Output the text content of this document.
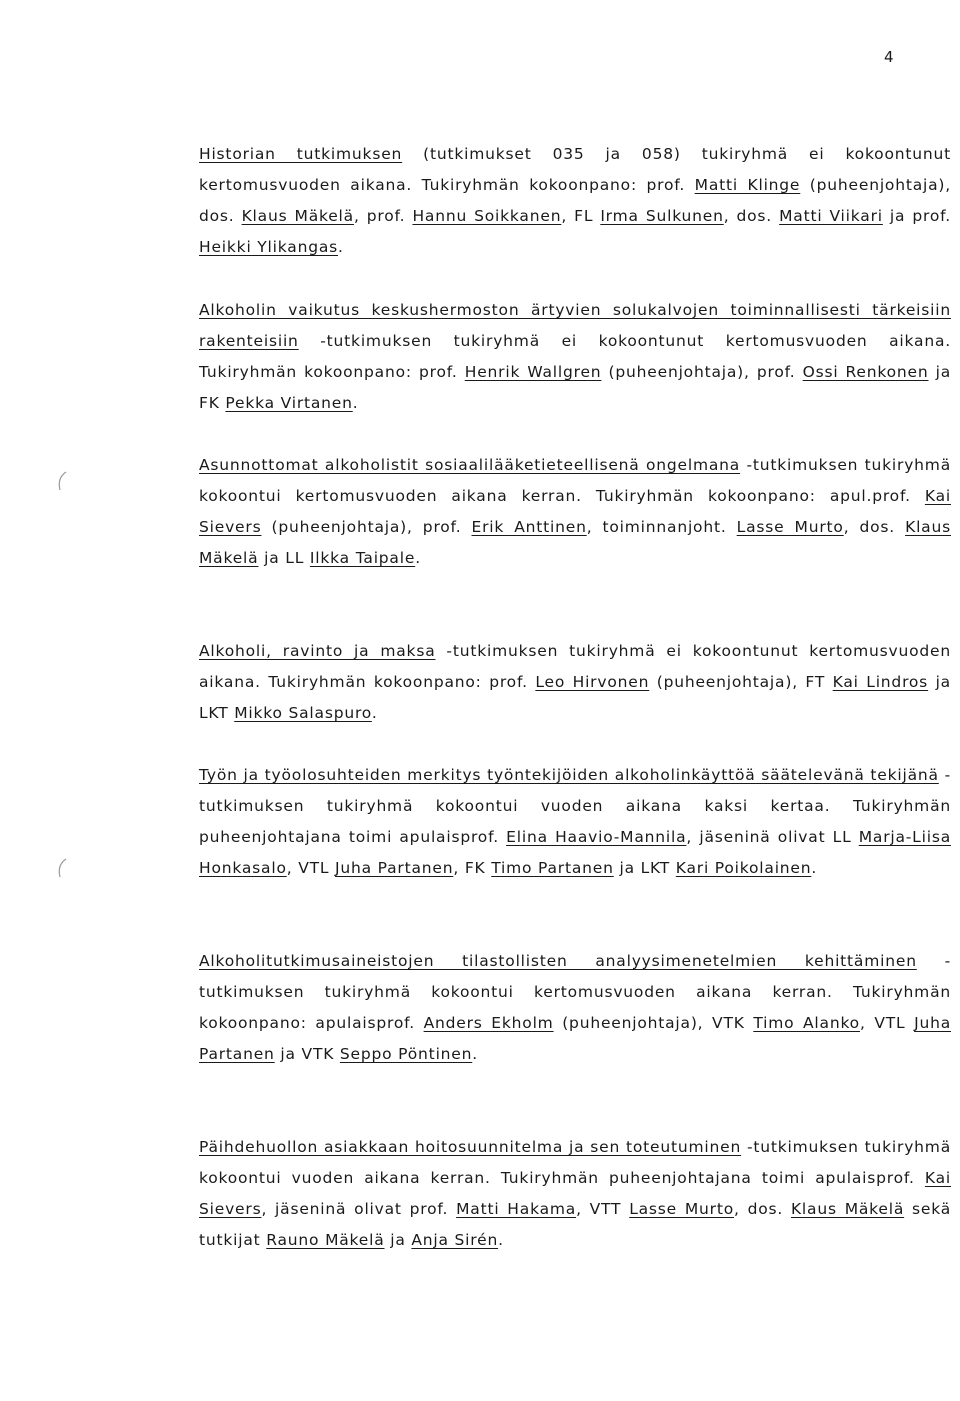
4
Historian tutkimuksen (tutkimukset 035 ja 058) tukiryhmä ei kokoontunut kertomusvuoden aikana. Tukiryhmän kokoonpano: prof. Matti Klinge (puheenjohtaja), dos. Klaus Mäkelä, prof. Hannu Soikkanen, FL Irma Sulkunen, dos. Matti Viikari ja prof. Heikki Ylikangas.
Alkoholin vaikutus keskushermoston ärtyvien solukalvojen toiminnallisesti tärkeisiin rakenteisiin -tutkimuksen tukiryhmä ei kokoontunut kertomusvuoden aikana. Tukiryhmän kokoonpano: prof. Henrik Wallgren (puheenjohtaja), prof. Ossi Renkonen ja FK Pekka Virtanen.
Asunnottomat alkoholistit sosiaalilääketieteellisenä ongelmana -tutkimuksen tukiryhmä kokoontui kertomusvuoden aikana kerran. Tukiryhmän kokoonpano: apul.prof. Kai Sievers (puheenjohtaja), prof. Erik Anttinen, toiminnanjoht. Lasse Murto, dos. Klaus Mäkelä ja LL Ilkka Taipale.
Alkoholi, ravinto ja maksa -tutkimuksen tukiryhmä ei kokoontunut kertomusvuoden aikana. Tukiryhmän kokoonpano: prof. Leo Hirvonen (puheenjohtaja), FT Kai Lindros ja LKT Mikko Salaspuro.
Työn ja työolosuhteiden merkitys työntekijöiden alkoholinkäyttöä säätelevänä tekijänä -tutkimuksen tukiryhmä kokoontui vuoden aikana kaksi kertaa. Tukiryhmän puheenjohtajana toimi apulaisprof. Elina Haavio-Mannila, jäseninä olivat LL Marja-Liisa Honkasalo, VTL Juha Partanen, FK Timo Partanen ja LKT Kari Poikolainen.
Alkoholitutkimusaineistojen tilastollisten analyysimenetelmien kehittäminen -tutkimuksen tukiryhmä kokoontui kertomusvuoden aikana kerran. Tukiryhmän kokoonpano: apulaisprof. Anders Ekholm (puheenjohtaja), VTK Timo Alanko, VTL Juha Partanen ja VTK Seppo Pöntinen.
Päihdehuollon asiakkaan hoitosuunnitelma ja sen toteutuminen -tutkimuksen tukiryhmä kokoontui vuoden aikana kerran. Tukiryhmän puheenjohtajana toimi apulaisprof. Kai Sievers, jäseninä olivat prof. Matti Hakama, VTT Lasse Murto, dos. Klaus Mäkelä sekä tutkijat Rauno Mäkelä ja Anja Sirén.
